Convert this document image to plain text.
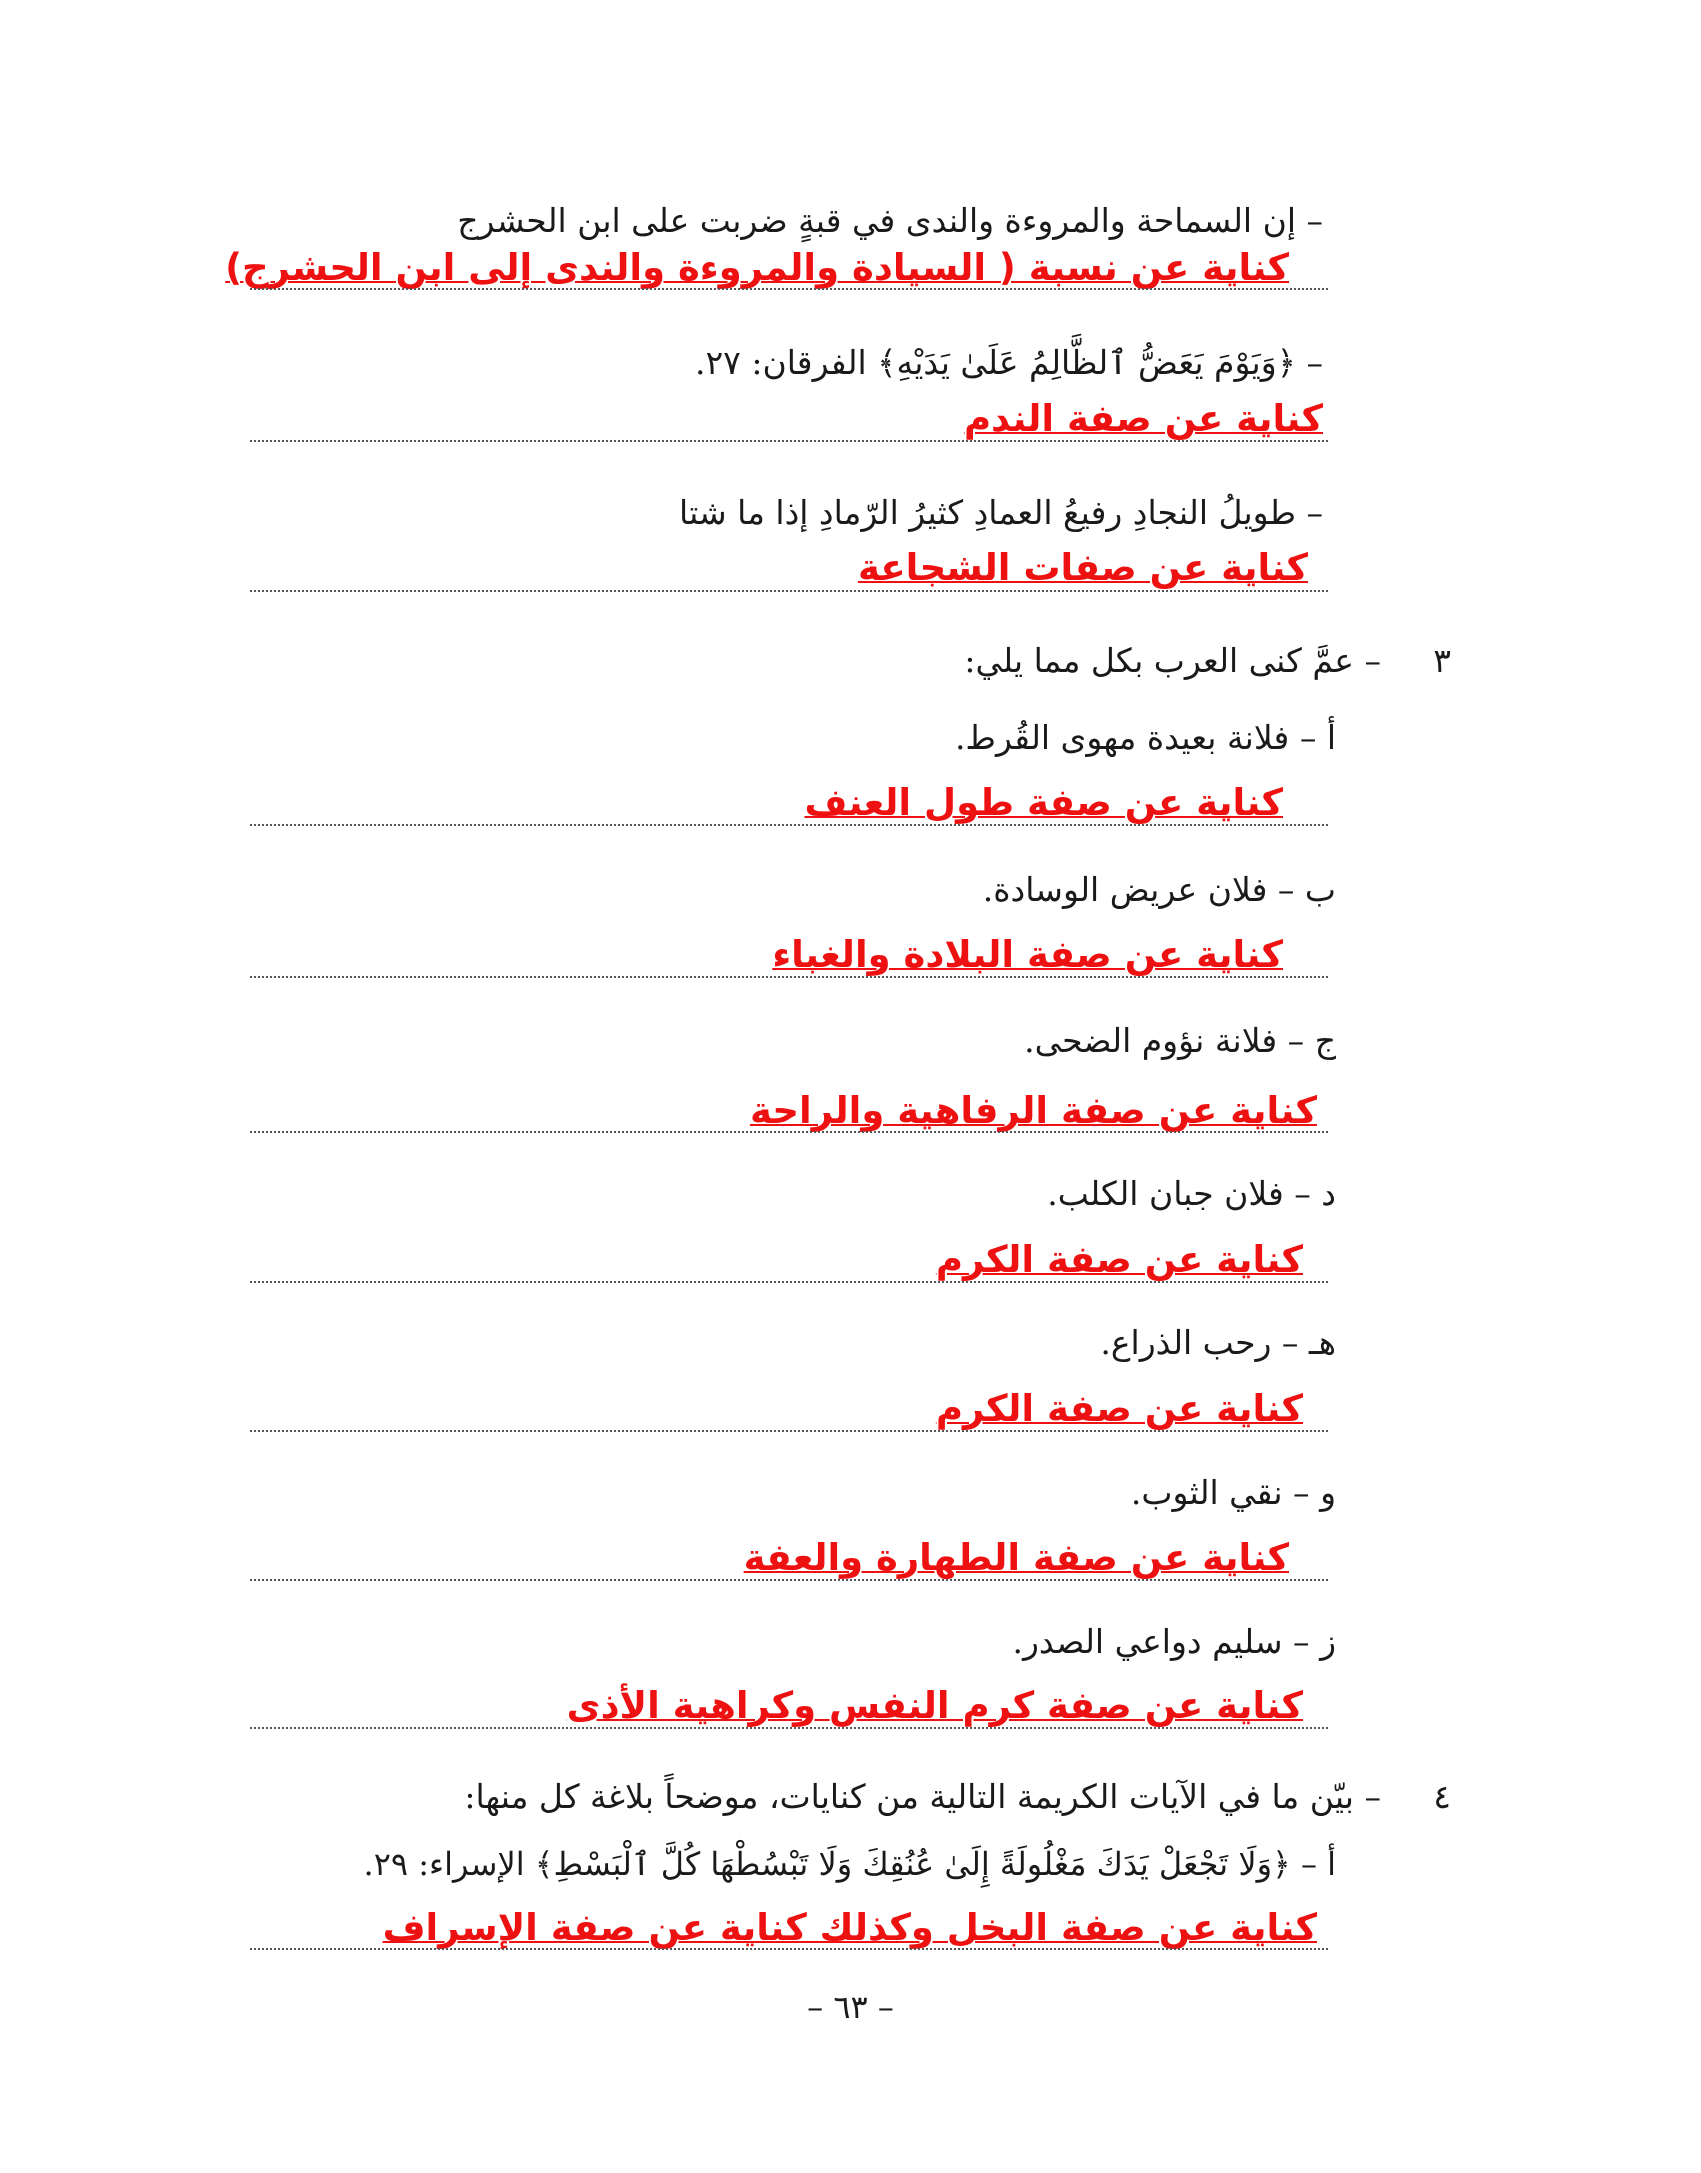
– إن السماحة والمروءة والندى في قبةٍ ضربت على ابن الحشرج
كناية عن نسبة ( السيادة والمروءة والندى إلى ابن الحشرج)
– ﴿وَيَوْمَ يَعَضُّ ٱلظَّالِمُ عَلَىٰ يَدَيْهِ﴾ الفرقان: ٢٧.
كناية عن صفة الندم
– طويلُ النجادِ رفيعُ العمادِ كثيرُ الرّمادِ إذا ما شتا
كناية عن صفات الشجاعة
٣
– عمَّ كنى العرب بكل مما يلي:
أ – فلانة بعيدة مهوى القُرط.
كناية عن صفة طول العنف
ب – فلان عريض الوسادة.
كناية عن صفة البلادة والغباء
ج – فلانة نؤوم الضحى.
كناية عن صفة الرفاهية والراحة
د – فلان جبان الكلب.
كناية عن صفة الكرم
هـ – رحب الذراع.
كناية عن صفة الكرم
و – نقي الثوب.
كناية عن صفة الطهارة والعفة
ز – سليم دواعي الصدر.
كناية عن صفة كرم النفس وكراهية الأذى
٤
– بيّن ما في الآيات الكريمة التالية من كنايات، موضحاً بلاغة كل منها:
أ – ﴿وَلَا تَجْعَلْ يَدَكَ مَغْلُولَةً إِلَىٰ عُنُقِكَ وَلَا تَبْسُطْهَا كُلَّ ٱلْبَسْطِ﴾ الإسراء: ٢٩.
كناية عن صفة البخل وكذلك كناية عن صفة الإسراف
– ٦٣ –
